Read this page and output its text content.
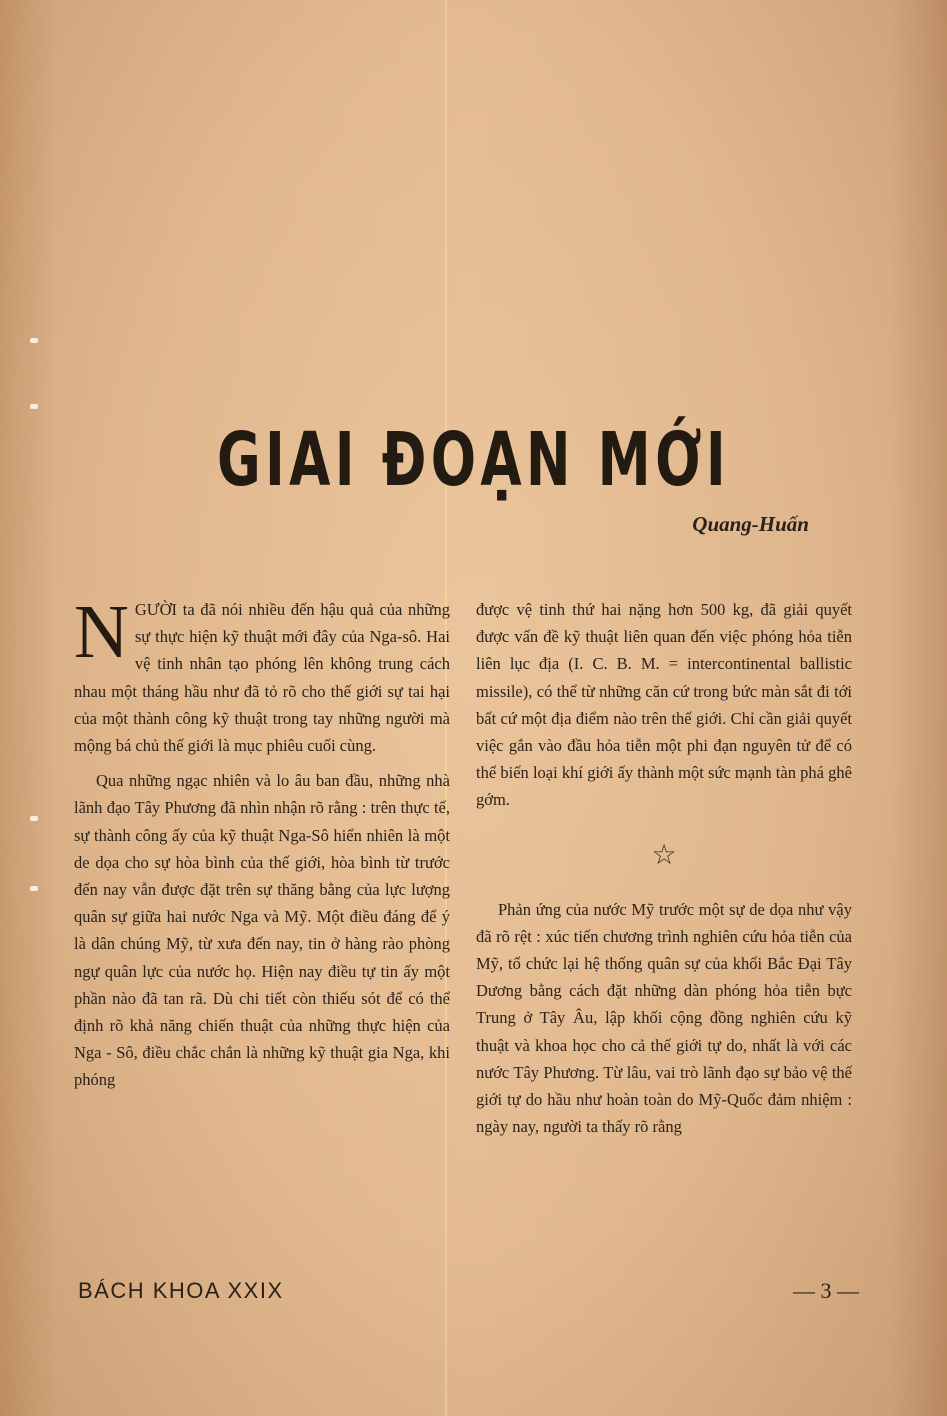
GIAI ĐOẠN MỚI
Quang-Huấn

N GƯỜI ta đã nói nhiều đến hậu quả của những sự thực hiện kỹ thuật mới đây của Nga-sô. Hai vệ tinh nhân tạo phóng lên không trung cách nhau một tháng hầu như đã tỏ rõ cho thế giới sự tai hại của một thành công kỹ thuật trong tay những người mà mộng bá chủ thế giới là mục phiêu cuối cùng.

Qua những ngạc nhiên và lo âu ban đầu, những nhà lãnh đạo Tây Phương đã nhìn nhận rõ rằng : trên thực tế, sự thành công ấy của kỹ thuật Nga-Sô hiển nhiên là một de dọa cho sự hòa bình của thế giới, hòa bình từ trước đến nay vẫn được đặt trên sự thăng bằng của lực lượng quân sự giữa hai nước Nga và Mỹ. Một điều đáng để ý là dân chúng Mỹ, từ xưa đến nay, tin ở hàng rào phòng ngự quân lực của nước họ. Hiện nay điều tự tin ấy một phần nào đã tan rã. Dù chi tiết còn thiếu sót để có thể định rõ khả năng chiến thuật của những thực hiện của Nga - Sô, điều chắc chắn là những kỹ thuật gia Nga, khi phóng

được vệ tinh thứ hai nặng hơn 500 kg, đã giải quyết được vấn đề kỹ thuật liên quan đến việc phóng hỏa tiễn liên lục địa (I. C. B. M. = intercontinental ballistic missile), có thể từ những căn cứ trong bức màn sắt đi tới bất cứ một địa điểm nào trên thế giới. Chỉ cần giải quyết việc gắn vào đầu hỏa tiễn một phi đạn nguyên tử để có thể biến loại khí giới ấy thành một sức mạnh tàn phá ghê gớm.

☆

Phản ứng của nước Mỹ trước một sự de dọa như vậy đã rõ rệt : xúc tiến chương trình nghiên cứu hỏa tiễn của Mỹ, tổ chức lại hệ thống quân sự của khối Bắc Đại Tây Dương bằng cách đặt những dàn phóng hỏa tiễn bực Trung ở Tây Âu, lập khối cộng đồng nghiên cứu kỹ thuật và khoa học cho cả thế giới tự do, nhất là với các nước Tây Phương. Từ lâu, vai trò lãnh đạo sự bảo vệ thế giới tự do hầu như hoàn toàn do Mỹ-Quốc đảm nhiệm : ngày nay, người ta thấy rõ rằng

BÁCH KHOA XXIX	— 3 —
